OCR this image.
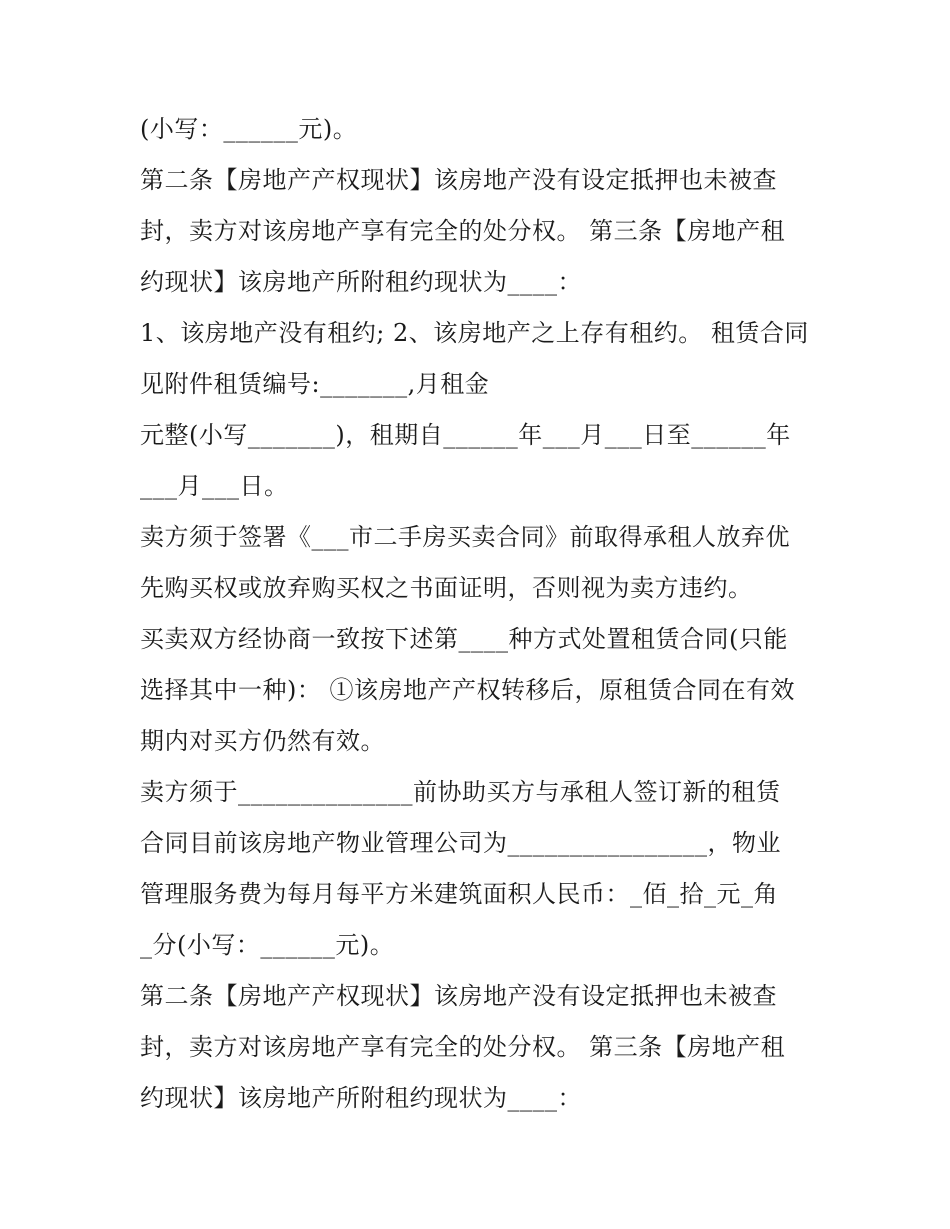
(小写：______元)。
第二条【房地产产权现状】该房地产没有设定抵押也未被查
封，卖方对该房地产享有完全的处分权。 第三条【房地产租
约现状】该房地产所附租约现状为____：
1、该房地产没有租约; 2、该房地产之上存有租约。 租赁合同
见附件租赁编号:_______,月租金
元整(小写_______)，租期自______年___月___日至______年
___月___日。
卖方须于签署《___市二手房买卖合同》前取得承租人放弃优
先购买权或放弃购买权之书面证明，否则视为卖方违约。
买卖双方经协商一致按下述第____种方式处置租赁合同(只能
选择其中一种)： ①该房地产产权转移后，原租赁合同在有效
期内对买方仍然有效。
卖方须于______________前协助买方与承租人签订新的租赁
合同目前该房地产物业管理公司为________________，物业
管理服务费为每月每平方米建筑面积人民币：_佰_拾_元_角
_分(小写：______元)。
第二条【房地产产权现状】该房地产没有设定抵押也未被查
封，卖方对该房地产享有完全的处分权。 第三条【房地产租
约现状】该房地产所附租约现状为____：
